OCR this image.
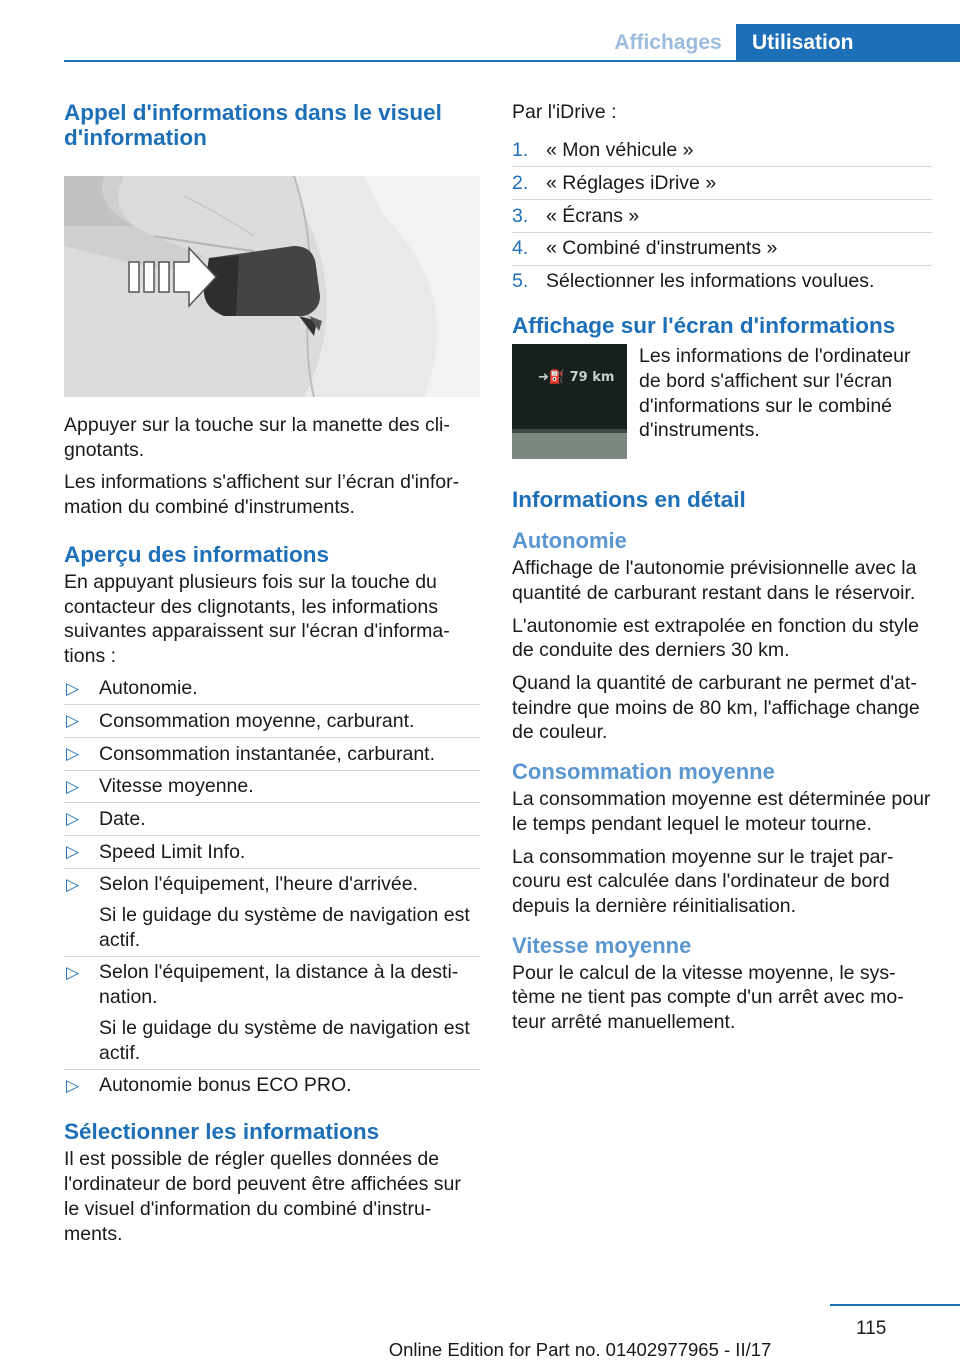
Affichages	Utilisation
Appel d'informations dans le visuel d'information

Appuyer sur la touche sur la manette des cli-gnotants.

Les informations s'affichent sur l’écran d'infor-mation du combiné d'instruments.

Aperçu des informations

En appuyant plusieurs fois sur la touche du contacteur des clignotants, les informations suivantes apparaissent sur l'écran d'informa-tions :

▷ Autonomie.
▷ Consommation moyenne, carburant.
▷ Consommation instantanée, carburant.
▷ Vitesse moyenne.
▷ Date.
▷ Speed Limit Info.
▷ Selon l'équipement, l'heure d'arrivée.
Si le guidage du système de navigation est actif.
▷ Selon l'équipement, la distance à la desti-nation.
Si le guidage du système de navigation est actif.
▷ Autonomie bonus ECO PRO.
Sélectionner les informations

Il est possible de régler quelles données de l'ordinateur de bord peuvent être affichées sur le visuel d'information du combiné d'instru-ments.

Par l'iDrive :

1. « Mon véhicule »
2. « Réglages iDrive »
3. « Écrans »
4. « Combiné d'instruments »
5. Sélectionner les informations voulues.
Affichage sur l'écran d'informations
➜⛽ 79 km
Les informations de l'ordinateur de bord s'affichent sur l'écran d'informations sur le combiné d'instruments.
Informations en détail
Autonomie

Affichage de l'autonomie prévisionnelle avec la quantité de carburant restant dans le réservoir.

L'autonomie est extrapolée en fonction du style de conduite des derniers 30 km.

Quand la quantité de carburant ne permet d'at-teindre que moins de 80 km, l'affichage change de couleur.

Consommation moyenne

La consommation moyenne est déterminée pour le temps pendant lequel le moteur tourne.

La consommation moyenne sur le trajet par-couru est calculée dans l'ordinateur de bord depuis la dernière réinitialisation.

Vitesse moyenne

Pour le calcul de la vitesse moyenne, le sys-tème ne tient pas compte d'un arrêt avec mo-teur arrêté manuellement.

115
Online Edition for Part no. 01402977965 - II/17
